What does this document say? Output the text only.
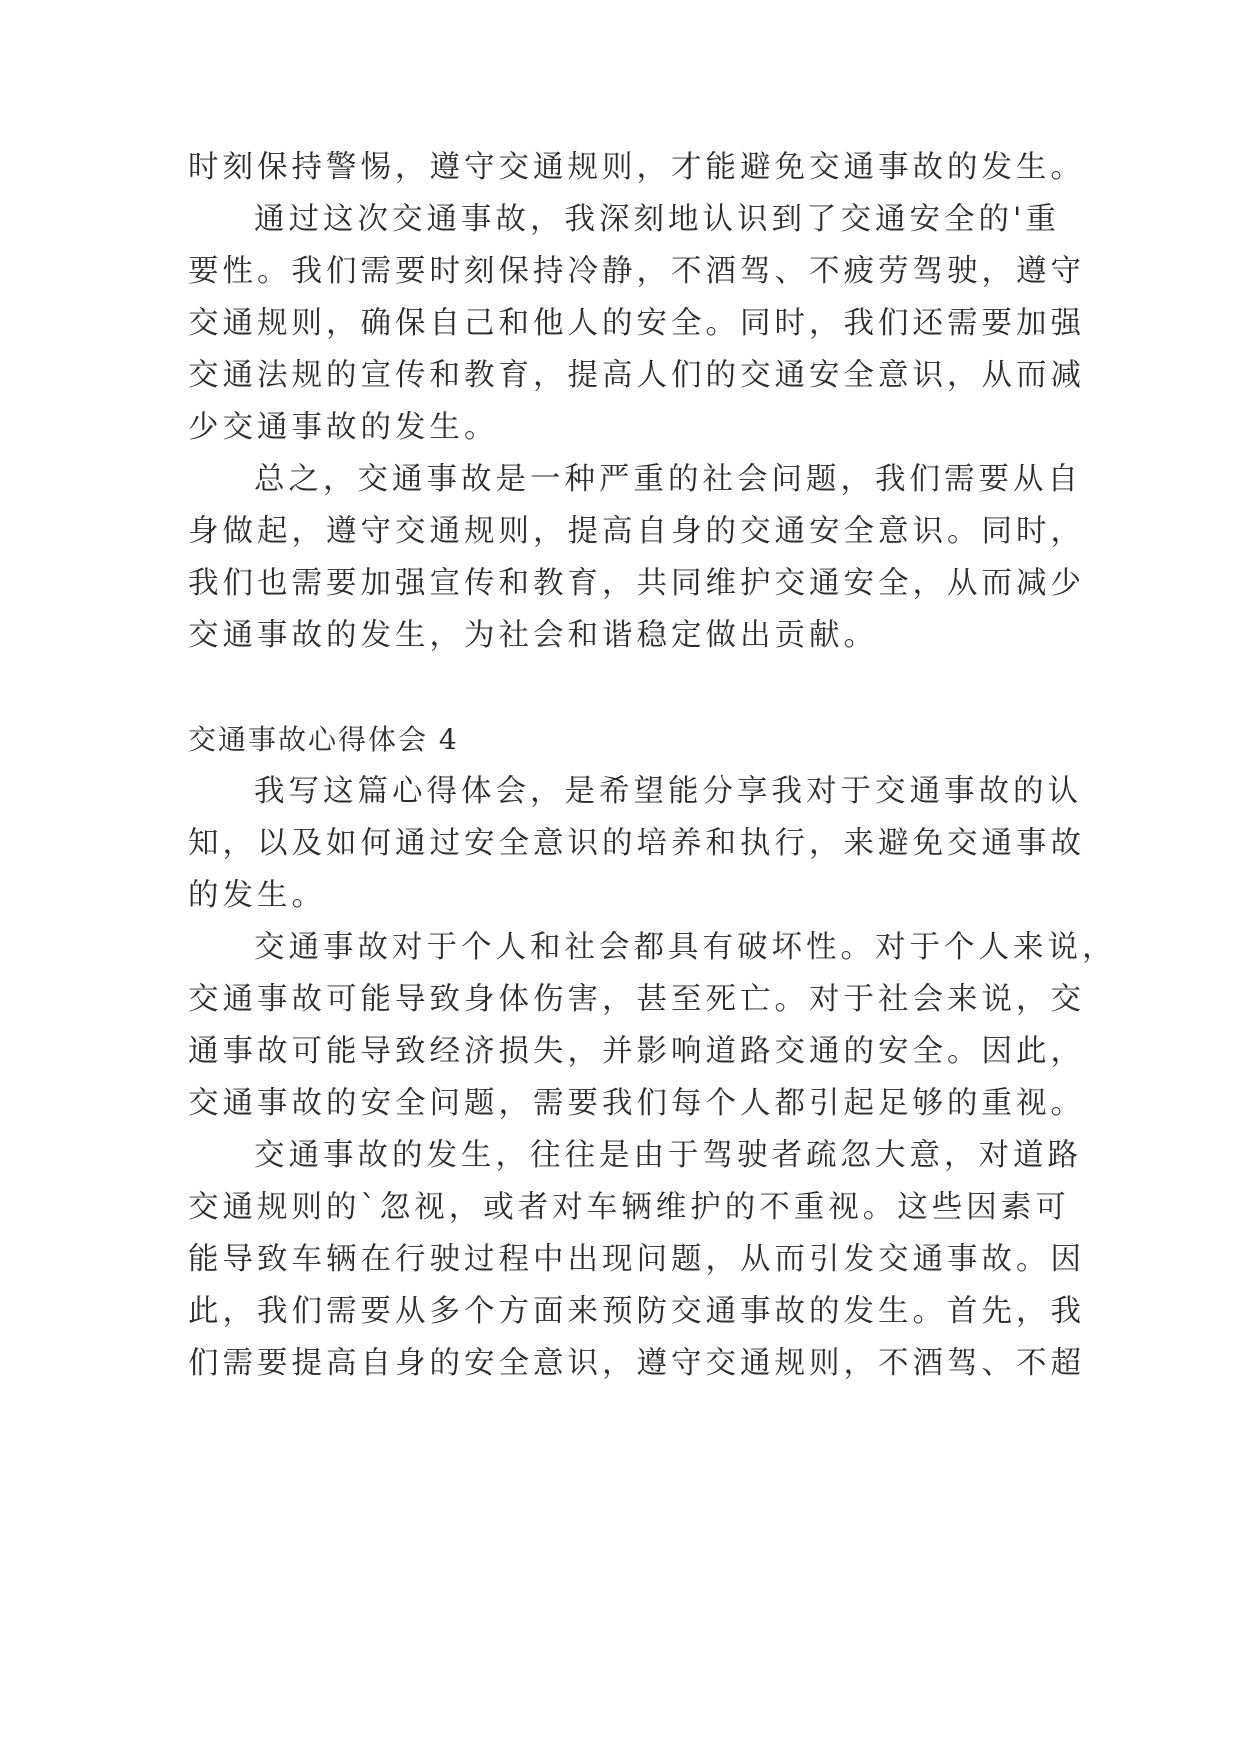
时刻保持警惕，遵守交通规则，才能避免交通事故的发生。
通过这次交通事故，我深刻地认识到了交通安全的'重
要性。我们需要时刻保持冷静，不酒驾、不疲劳驾驶，遵守
交通规则，确保自己和他人的安全。同时，我们还需要加强
交通法规的宣传和教育，提高人们的交通安全意识，从而减
少交通事故的发生。
总之，交通事故是一种严重的社会问题，我们需要从自
身做起，遵守交通规则，提高自身的交通安全意识。同时，
我们也需要加强宣传和教育，共同维护交通安全，从而减少
交通事故的发生，为社会和谐稳定做出贡献。
交通事故心得体会 4
我写这篇心得体会，是希望能分享我对于交通事故的认
知，以及如何通过安全意识的培养和执行，来避免交通事故
的发生。
交通事故对于个人和社会都具有破坏性。对于个人来说，
交通事故可能导致身体伤害，甚至死亡。对于社会来说，交
通事故可能导致经济损失，并影响道路交通的安全。因此，
交通事故的安全问题，需要我们每个人都引起足够的重视。
交通事故的发生，往往是由于驾驶者疏忽大意，对道路
交通规则的`忽视，或者对车辆维护的不重视。这些因素可
能导致车辆在行驶过程中出现问题，从而引发交通事故。因
此，我们需要从多个方面来预防交通事故的发生。首先，我
们需要提高自身的安全意识，遵守交通规则，不酒驾、不超
